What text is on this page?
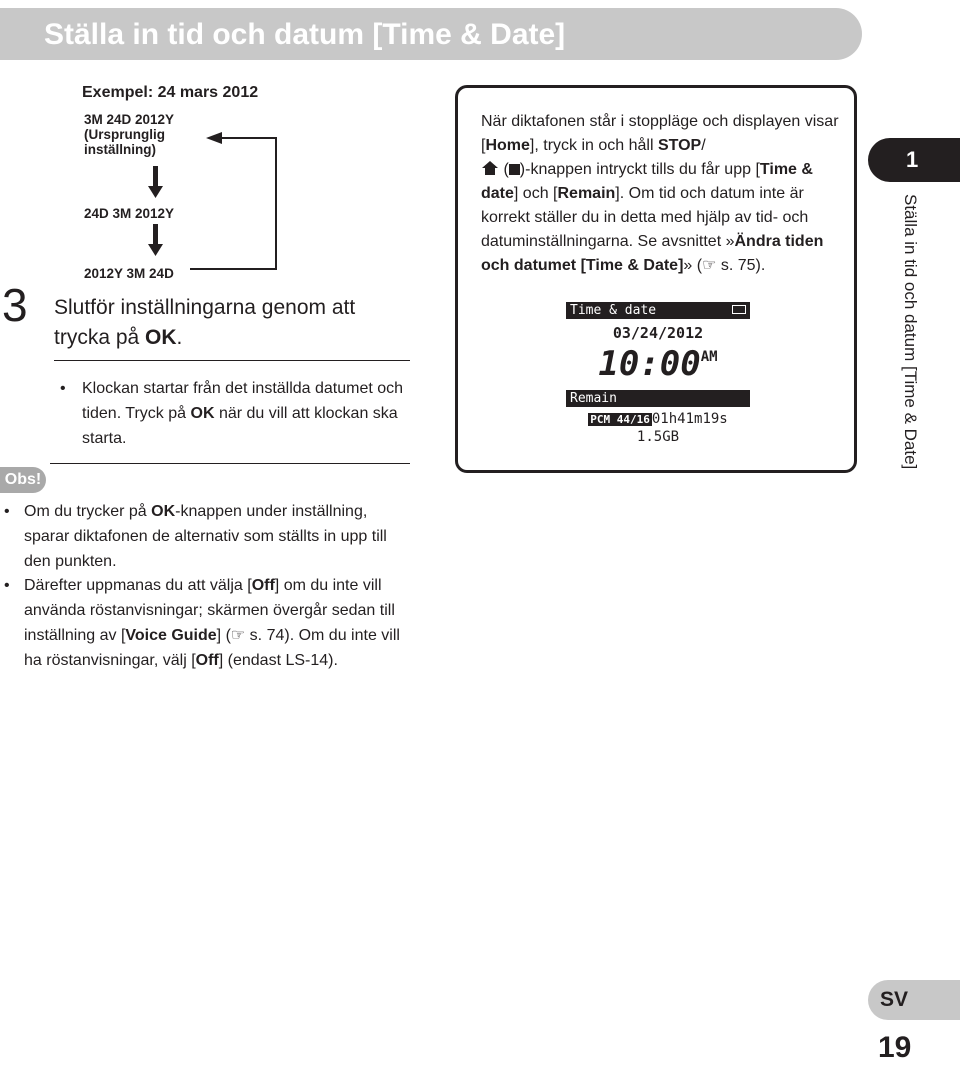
Ställa in tid och datum [Time & Date]
Exempel: 24 mars 2012
3M 24D 2012Y
(Ursprunglig
inställning)
24D 3M 2012Y
2012Y 3M 24D
3 Slutför inställningarna genom att trycka på OK.
• Klockan startar från det inställda datumet och tiden. Tryck på OK när du vill att klockan ska starta.
Obs!
• Om du trycker på OK-knappen under inställning, sparar diktafonen de alternativ som ställts in upp till den punkten.
• Därefter uppmanas du att välja [Off] om du inte vill använda röstanvisningar; skärmen övergår sedan till inställning av [Voice Guide] (☞ s. 74). Om du inte vill ha röstanvisningar, välj [Off] (endast LS-14).
När diktafonen står i stoppläge och displayen visar [Home], tryck in och håll STOP/
( )-knappen intryckt tills du får upp [Time & date] och [Remain]. Om tid och datum inte är korrekt ställer du in detta med hjälp av tid- och datuminställningarna. Se avsnittet »Ändra tiden och datumet [Time & Date]» (☞ s. 75).
Time & date
03/24/2012
10:00AM
Remain
PCM 44/16 01h41m19s
1.5GB
1
Ställa in tid och datum [Time & Date]
SV
19
